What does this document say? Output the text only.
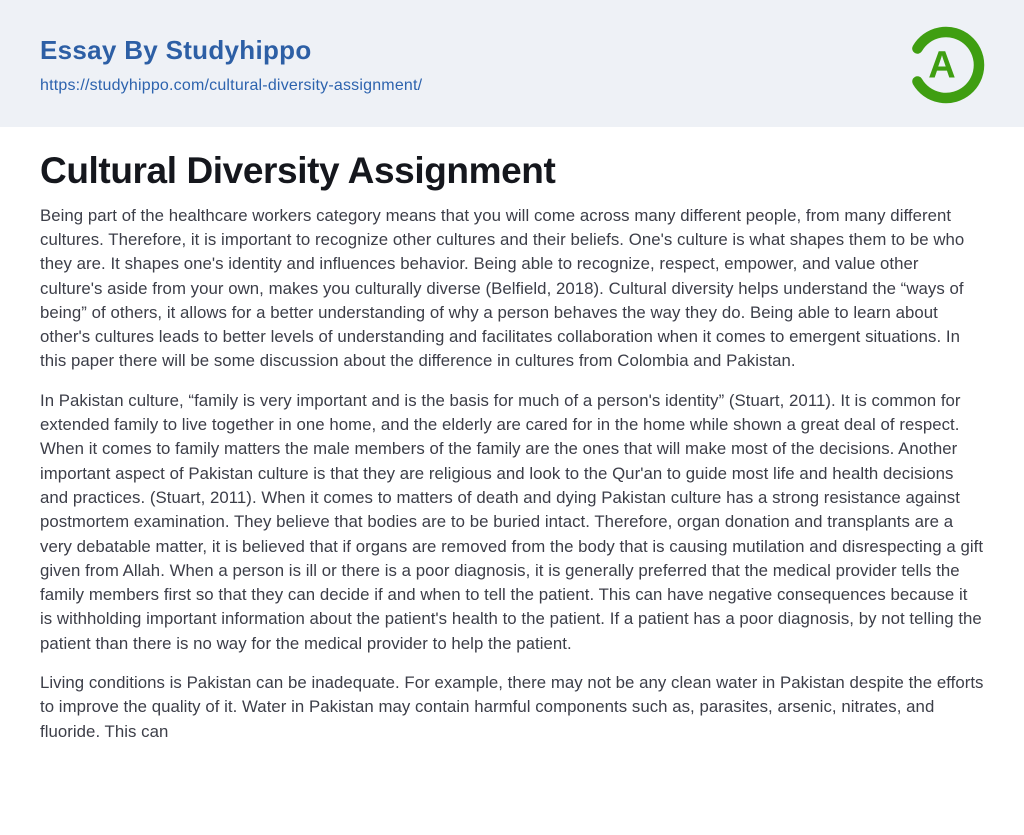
Essay By Studyhippo
https://studyhippo.com/cultural-diversity-assignment/	A
Cultural Diversity Assignment

Being part of the healthcare workers category means that you will come across many different people, from many different cultures. Therefore, it is important to recognize other cultures and their beliefs. One's culture is what shapes them to be who they are. It shapes one's identity and influences behavior. Being able to recognize, respect, empower, and value other culture's aside from your own, makes you culturally diverse (Belfield, 2018). Cultural diversity helps understand the “ways of being” of others, it allows for a better understanding of why a person behaves the way they do. Being able to learn about other's cultures leads to better levels of understanding and facilitates collaboration when it comes to emergent situations. In this paper there will be some discussion about the difference in cultures from Colombia and Pakistan.

In Pakistan culture, “family is very important and is the basis for much of a person's identity” (Stuart, 2011). It is common for extended family to live together in one home, and the elderly are cared for in the home while shown a great deal of respect. When it comes to family matters the male members of the family are the ones that will make most of the decisions. Another important aspect of Pakistan culture is that they are religious and look to the Qur'an to guide most life and health decisions and practices. (Stuart, 2011). When it comes to matters of death and dying Pakistan culture has a strong resistance against postmortem examination. They believe that bodies are to be buried intact. Therefore, organ donation and transplants are a very debatable matter, it is believed that if organs are removed from the body that is causing mutilation and disrespecting a gift given from Allah. When a person is ill or there is a poor diagnosis, it is generally preferred that the medical provider tells the family members first so that they can decide if and when to tell the patient. This can have negative consequences because it is withholding important information about the patient's health to the patient. If a patient has a poor diagnosis, by not telling the patient than there is no way for the medical provider to help the patient.

Living conditions is Pakistan can be inadequate. For example, there may not be any clean water in Pakistan despite the efforts to improve the quality of it. Water in Pakistan may contain harmful components such as, parasites, arsenic, nitrates, and fluoride. This can
